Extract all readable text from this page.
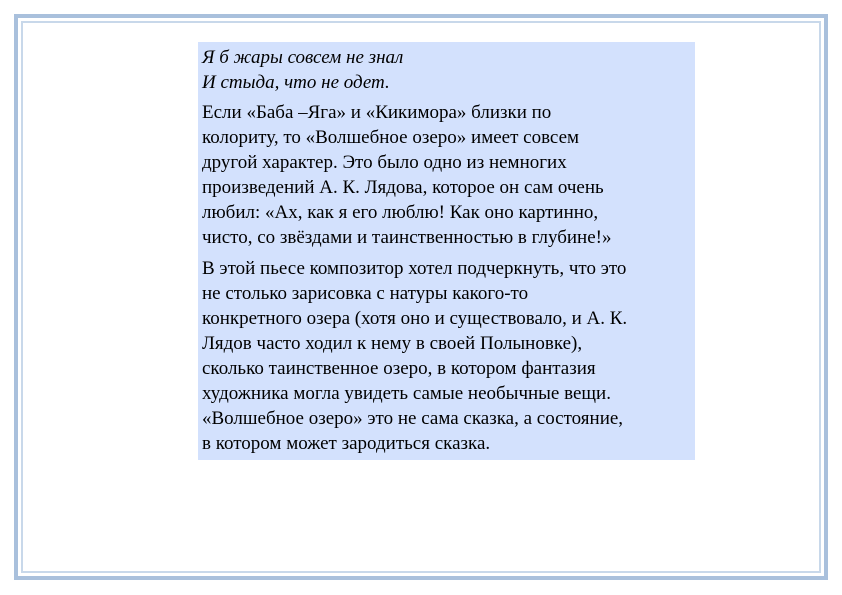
Я б жары совсем не знал
И стыда, что не одет.
Если «Баба –Яга» и «Кикимора» близки по
колориту, то «Волшебное озеро» имеет совсем
другой характер. Это было одно из немногих
произведений А. К. Лядова, которое он сам очень
любил: «Ах, как я его люблю! Как оно картинно,
чисто, со звёздами и таинственностью в глубине!»
В этой пьесе композитор хотел подчеркнуть, что это
не столько зарисовка с натуры какого-то
конкретного озера (хотя оно и существовало, и А. К.
Лядов часто ходил к нему в своей Полыновке),
сколько таинственное озеро, в котором фантазия
художника могла увидеть самые необычные вещи.
«Волшебное озеро» это не сама сказка, а состояние,
в котором может зародиться сказка.
